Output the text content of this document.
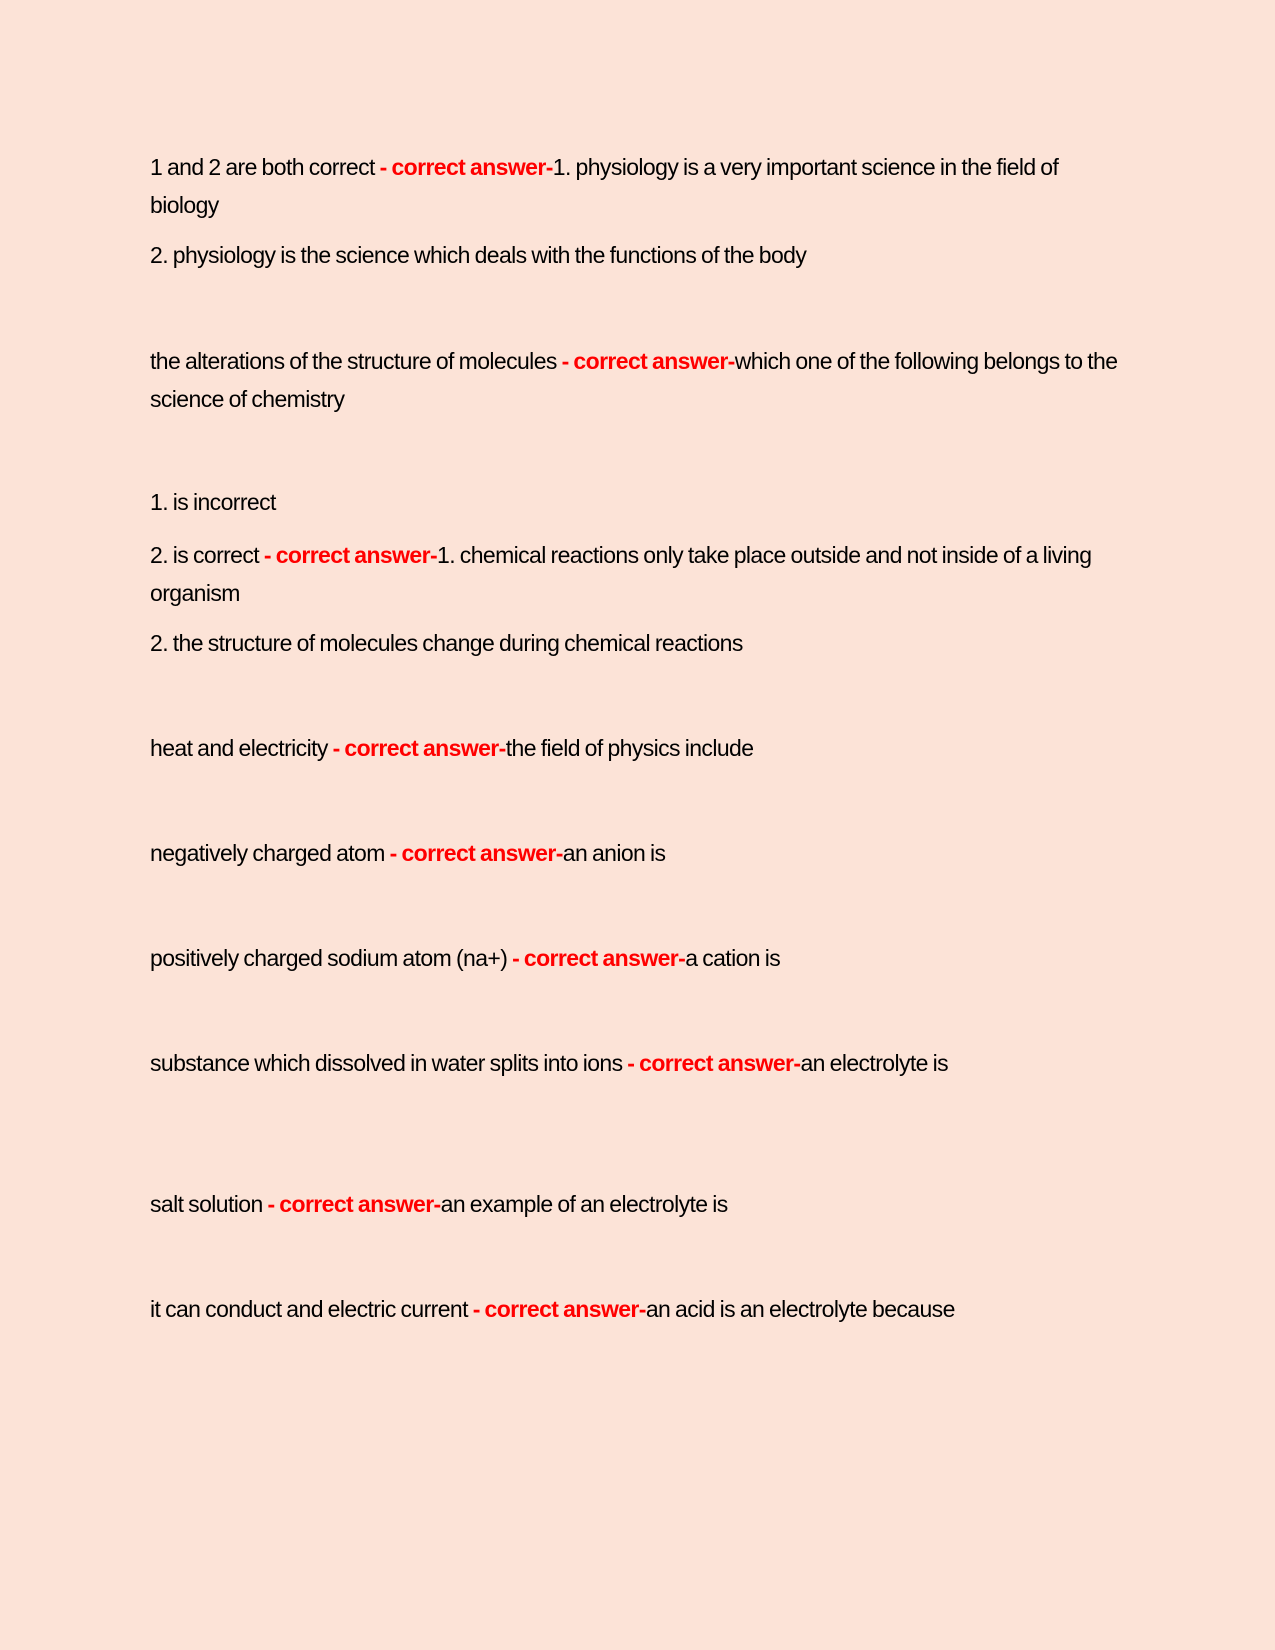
1 and 2 are both correct - correct answer-1. physiology is a very important science in the field of biology

2. physiology is the science which deals with the functions of the body

the alterations of the structure of molecules - correct answer-which one of the following belongs to the science of chemistry

1. is incorrect

2. is correct - correct answer-1. chemical reactions only take place outside and not inside of a living organism

2. the structure of molecules change during chemical reactions

heat and electricity - correct answer-the field of physics include

negatively charged atom - correct answer-an anion is

positively charged sodium atom (na+) - correct answer-a cation is

substance which dissolved in water splits into ions - correct answer-an electrolyte is

salt solution - correct answer-an example of an electrolyte is

it can conduct and electric current - correct answer-an acid is an electrolyte because
